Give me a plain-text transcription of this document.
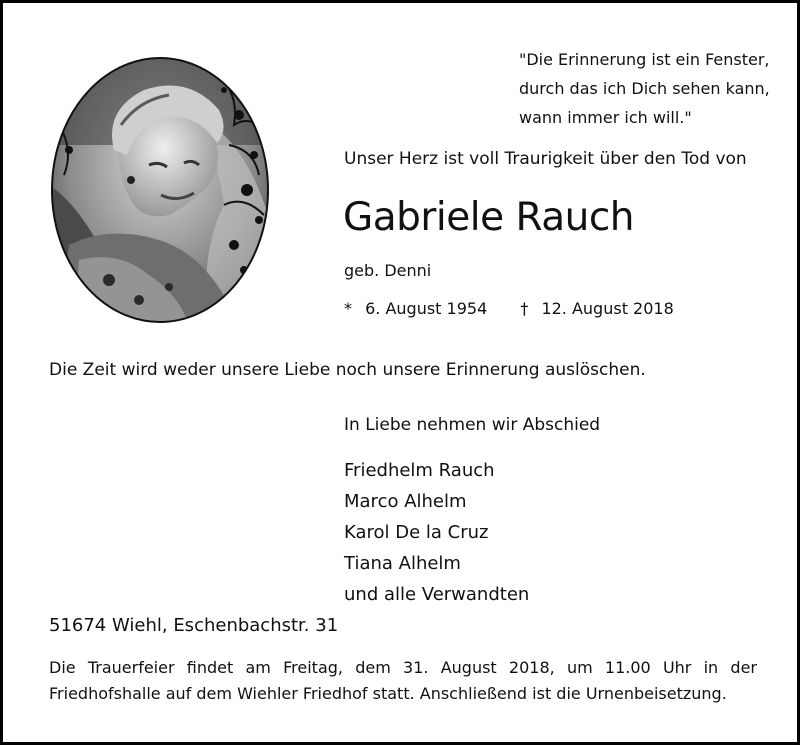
"Die Erinnerung ist ein Fenster,
durch das ich Dich sehen kann,
wann immer ich will."
Unser Herz ist voll Traurigkeit über den Tod von
Gabriele Rauch
geb. Denni
* 6. August 1954 † 12. August 2018
Die Zeit wird weder unsere Liebe noch unsere Erinnerung auslöschen.
In Liebe nehmen wir Abschied
Friedhelm Rauch
Marco Alhelm
Karol De la Cruz
Tiana Alhelm
und alle Verwandten
51674 Wiehl, Eschenbachstr. 31
Die Trauerfeier findet am Freitag, dem 31. August 2018, um 11.00 Uhr in der Friedhofshalle auf dem Wiehler Friedhof statt. Anschließend ist die Urnenbeisetzung.
